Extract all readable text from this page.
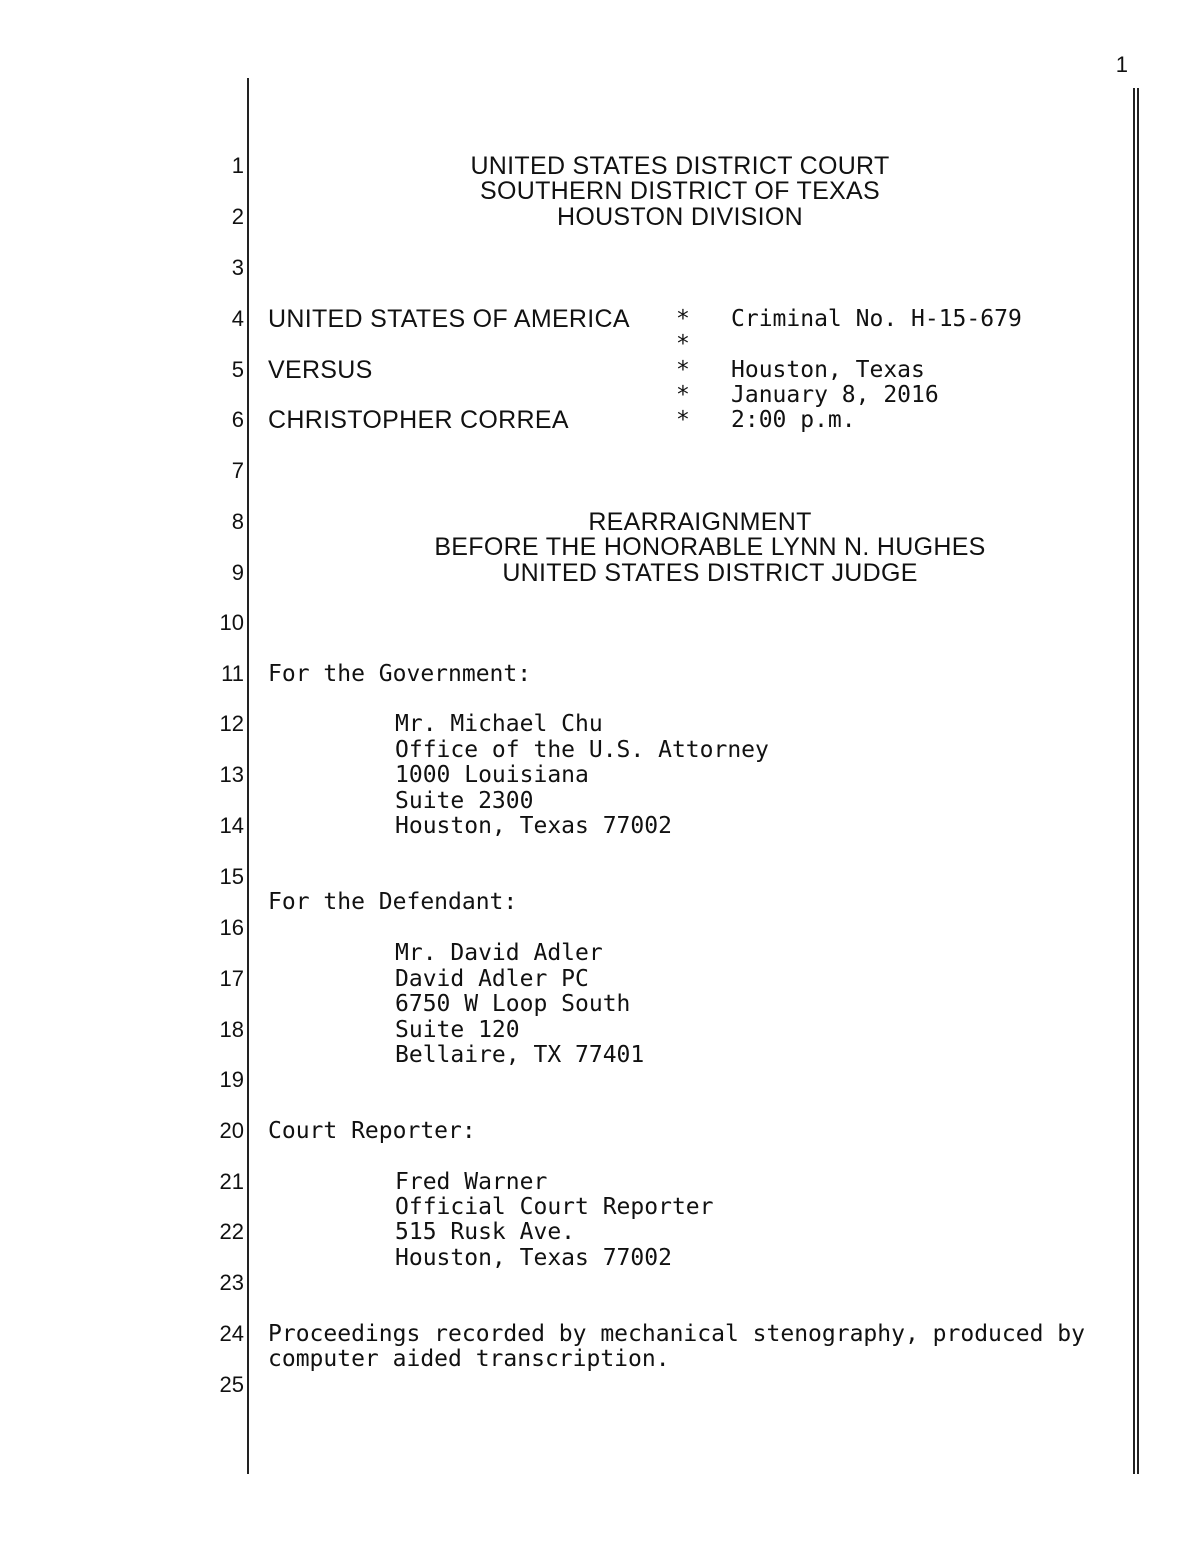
1
1
2
3
4
5
6
7
8
9
10
11
12
13
14
15
16
17
18
19
20
21
22
23
24
25
UNITED STATES DISTRICT COURT
SOUTHERN DISTRICT OF TEXAS
HOUSTON DIVISION
UNITED STATES OF AMERICA
VERSUS
CHRISTOPHER CORREA
*
*
*
*
*
Criminal No. H-15-679
Houston, Texas
January 8, 2016
2:00 p.m.
REARRAIGNMENT
BEFORE THE HONORABLE LYNN N. HUGHES
UNITED STATES DISTRICT JUDGE
For the Government:
Mr. Michael Chu
Office of the U.S. Attorney
1000 Louisiana
Suite 2300
Houston, Texas 77002
For the Defendant:
Mr. David Adler
David Adler PC
6750 W Loop South
Suite 120
Bellaire, TX 77401
Court Reporter:
Fred Warner
Official Court Reporter
515 Rusk Ave.
Houston, Texas 77002
Proceedings recorded by mechanical stenography, produced by
computer aided transcription.
